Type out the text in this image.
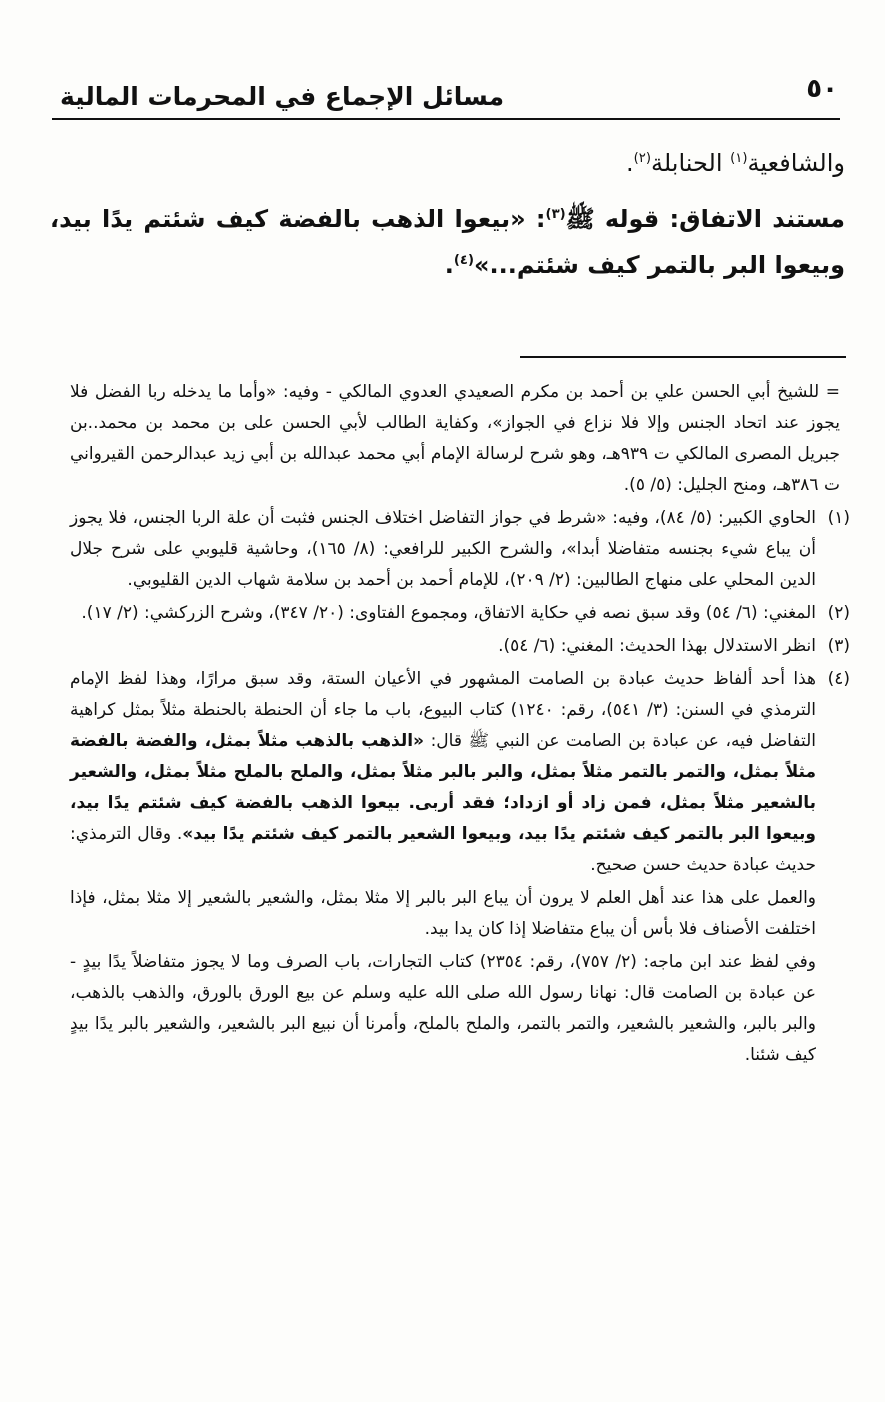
٥٠
مسائل الإجماع في المحرمات المالية

والشافعية$^{(١)}$ الحنابلة$^{(٢)}$.

مستند الاتفاق: قوله ﷺ$^{(٣)}$: «بيعوا الذهب بالفضة كيف شئتم يدًا بيد، وبيعوا البر بالتمر كيف شئتم...»$^{(٤)}$.

= للشيخ أبي الحسن علي بن أحمد بن مكرم الصعيدي العدوي المالكي - وفيه: «وأما ما يدخله ربا الفضل فلا يجوز عند اتحاد الجنس وإلا فلا نزاع في الجواز»، وكفاية الطالب لأبي الحسن على بن محمد بن محمد..بن جبريل المصرى المالكي ت ٩٣٩هـ، وهو شرح لرسالة الإمام أبي محمد عبدالله بن أبي زيد عبدالرحمن القيرواني ت ٣٨٦هـ، ومنح الجليل: (٥/ ٥).

(١)
الحاوي الكبير: (٥/ ٨٤)، وفيه: «شرط في جواز التفاضل اختلاف الجنس فثبت أن علة الربا الجنس، فلا يجوز أن يباع شيء بجنسه متفاضلا أبدا»، والشرح الكبير للرافعي: (٨/ ١٦٥)، وحاشية قليوبي على شرح جلال الدين المحلي على منهاج الطالبين: (٢/ ٢٠٩)، للإمام أحمد بن أحمد بن سلامة شهاب الدين القليوبي.
(٢)
المغني: (٦/ ٥٤) وقد سبق نصه في حكاية الاتفاق، ومجموع الفتاوى: (٢٠/ ٣٤٧)، وشرح الزركشي: (٢/ ١٧).
(٣)
انظر الاستدلال بهذا الحديث: المغني: (٦/ ٥٤).
(٤)
هذا أحد ألفاظ حديث عبادة بن الصامت المشهور في الأعيان الستة، وقد سبق مرارًا، وهذا لفظ الإمام الترمذي في السنن: (٣/ ٥٤١)، رقم: ١٢٤٠) كتاب البيوع، باب ما جاء أن الحنطة بالحنطة مثلاً بمثل كراهية التفاضل فيه، عن عبادة بن الصامت عن النبي ﷺ قال: «الذهب بالذهب مثلاً بمثل، والفضة بالفضة مثلاً بمثل، والتمر بالتمر مثلاً بمثل، والبر بالبر مثلاً بمثل، والملح بالملح مثلاً بمثل، والشعير بالشعير مثلاً بمثل، فمن زاد أو ازداد؛ فقد أربى. بيعوا الذهب بالفضة كيف شئتم يدًا بيد، وبيعوا البر بالتمر كيف شئتم يدًا بيد، وبيعوا الشعير بالتمر كيف شئتم يدًا بيد». وقال الترمذي: حديث عبادة حديث حسن صحيح.

والعمل على هذا عند أهل العلم لا يرون أن يباع البر بالبر إلا مثلا بمثل، والشعير بالشعير إلا مثلا بمثل، فإذا اختلفت الأصناف فلا بأس أن يباع متفاضلا إذا كان يدا بيد.

وفي لفظ عند ابن ماجه: (٢/ ٧٥٧)، رقم: ٢٣٥٤) كتاب التجارات، باب الصرف وما لا يجوز متفاضلاً يدًا بيدٍ - عن عبادة بن الصامت قال: نهانا رسول الله صلى الله عليه وسلم عن بيع الورق بالورق، والذهب بالذهب، والبر بالبر، والشعير بالشعير، والتمر بالتمر، والملح بالملح، وأمرنا أن نبيع البر بالشعير، والشعير بالبر يدًا بيدٍ كيف شئنا.
